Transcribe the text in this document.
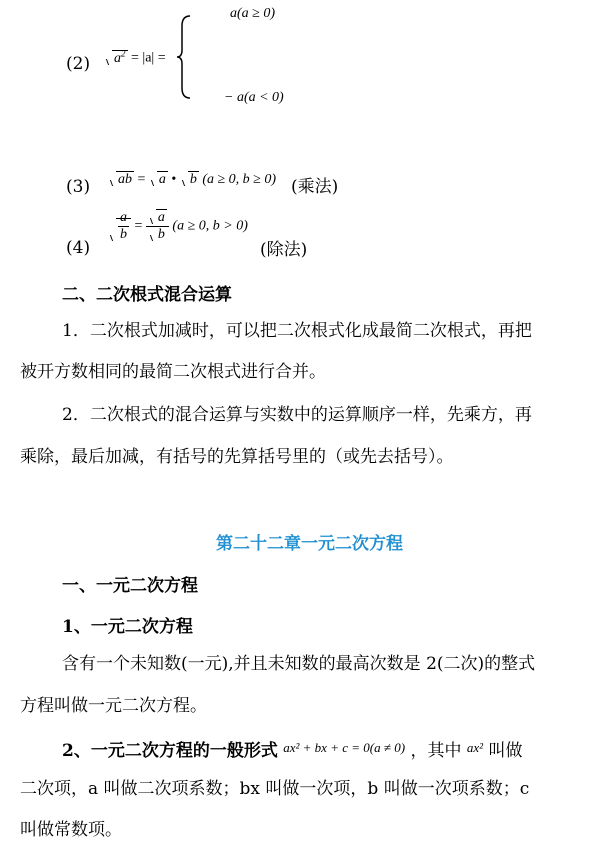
(2)	$a^2 = |a|$ =
a(a ≥ 0)
− a(a < 0)
(3)	ab = a • b (a ≥ 0, b ≥ 0) (乘法)
(4)
$\frac{a}{b} = \frac{a}{b} (a \ge 0$, b > 0)
(除法)
二、二次根式混合运算
1．二次根式加减时，可以把二次根式化成最简二次根式，再把
被开方数相同的最简二次根式进行合并。
2．二次根式的混合运算与实数中的运算顺序一样，先乘方，再
乘除，最后加减，有括号的先算括号里的（或先去括号）。
第二十二章一元二次方程
一、一元二次方程
1、一元二次方程
含有一个未知数(一元),并且未知数的最高次数是 2(二次)的整式
方程叫做一元二次方程。
2、一元二次方程的一般形式 $^{ax^2 + bx + c = 0(a \ne 0)}$ ，其中 $^{ax^2}$ 叫做
二次项，a 叫做二次项系数；bx 叫做一次项，b 叫做一次项系数；c
叫做常数项。
